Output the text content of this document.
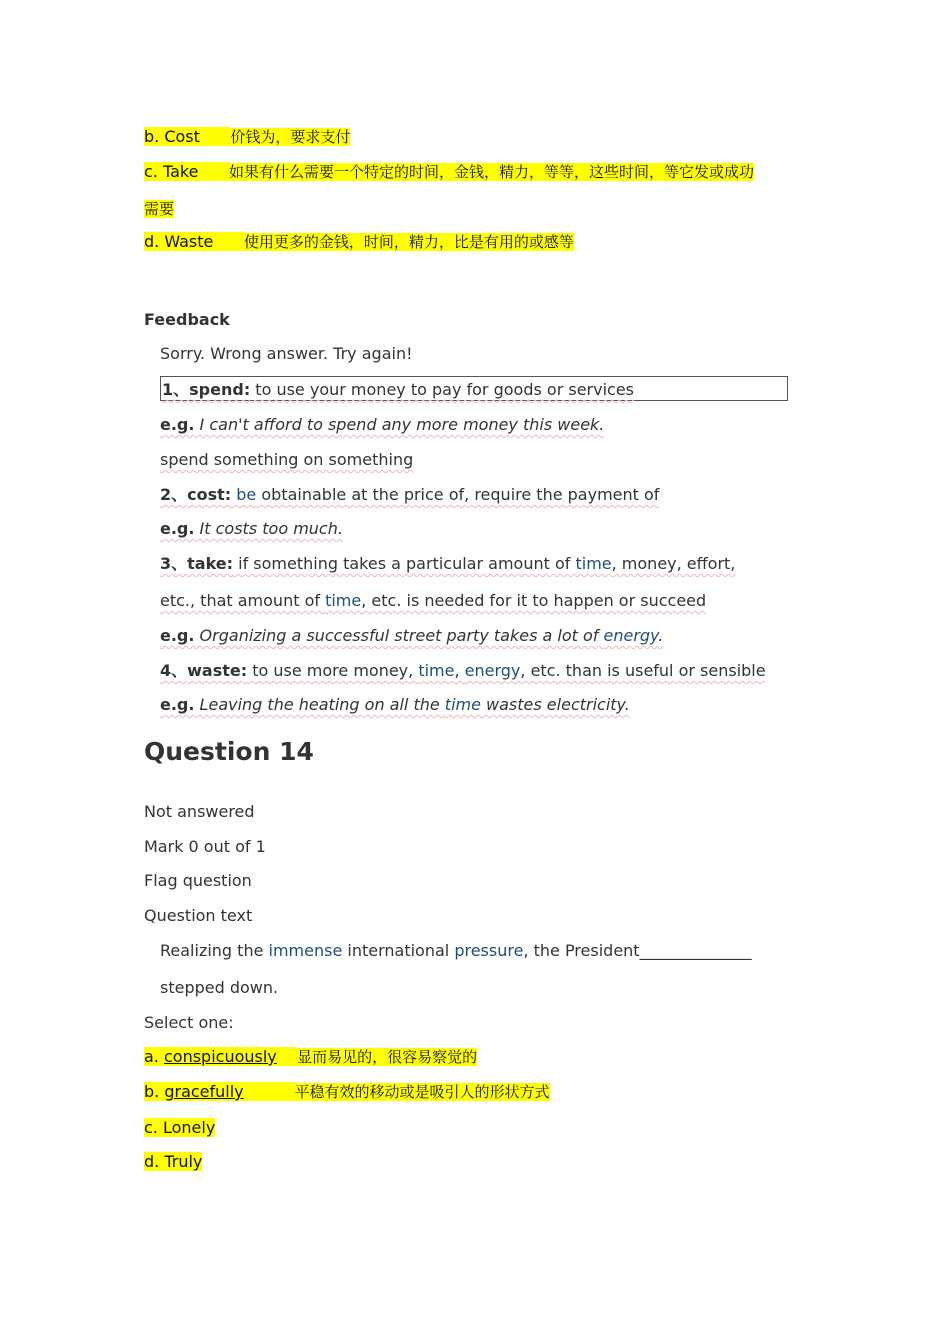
b. Cost 价钱为，要求支付
c. Take 如果有什么需要一个特定的时间，金钱，精力，等等，这些时间，等它发或成功
需要
d. Waste 使用更多的金钱，时间，精力，比是有用的或感等
Feedback
Sorry. Wrong answer. Try again!
1、spend: to use your money to pay for goods or services
e.g. I can't afford to spend any more money this week.
spend something on something
2、cost: be obtainable at the price of, require the payment of
e.g. It costs too much.
3、take: if something takes a particular amount of time, money, effort,
etc., that amount of time, etc. is needed for it to happen or succeed
e.g. Organizing a successful street party takes a lot of energy.
4、waste: to use more money, time, energy, etc. than is useful or sensible
e.g. Leaving the heating on all the time wastes electricity.
Question 14
Not answered
Mark 0 out of 1
Flag question
Question text
Realizing the immense international pressure, the President______________
stepped down.
Select one:
a. conspicuously 显而易见的，很容易察觉的
b. gracefully	平稳有效的移动或是吸引人的形状方式
c. Lonely
d. Truly
